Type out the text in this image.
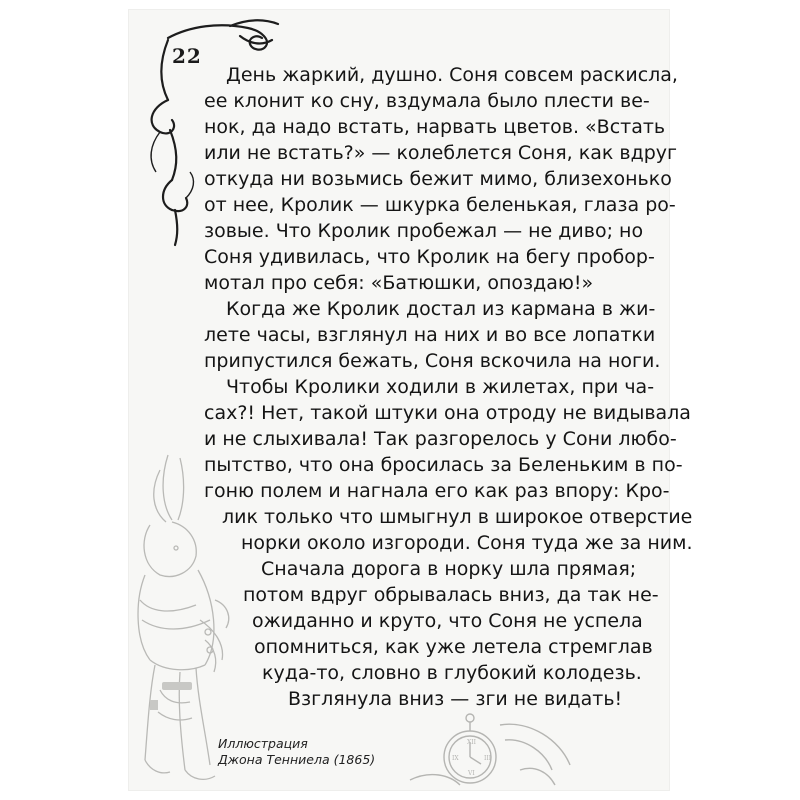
XII
III
VI
IX
22
День жаркий, душно. Соня совсем раскисла,
ее клонит ко сну, вздумала было плести ве-
нок, да надо встать, нарвать цветов. «Встать
или не встать?» — колеблется Соня, как вдруг
откуда ни возьмись бежит мимо, близехонько
от нее, Кролик — шкурка беленькая, глаза ро-
зовые. Что Кролик пробежал — не диво; но
Соня удивилась, что Кролик на бегу пробор-
мотал про себя: «Батюшки, опоздаю!»
Когда же Кролик достал из кармана в жи-
лете часы, взглянул на них и во все лопатки
припустился бежать, Соня вскочила на ноги.
Чтобы Кролики ходили в жилетах, при ча-
сах?! Нет, такой штуки она отроду не видывала
и не слыхивала! Так разгорелось у Сони любо-
пытство, что она бросилась за Беленьким в по-
гоню полем и нагнала его как раз впору: Кро-
лик только что шмыгнул в широкое отверстие
норки около изгороди. Соня туда же за ним.
Сначала дорога в норку шла прямая;
потом вдруг обрывалась вниз, да так не-
ожиданно и круто, что Соня не успела
опомниться, как уже летела стремглав
куда-то, словно в глубокий колодезь.
Взглянула вниз — зги не видать!
Иллюстрация
Джона Тенниела (1865)
